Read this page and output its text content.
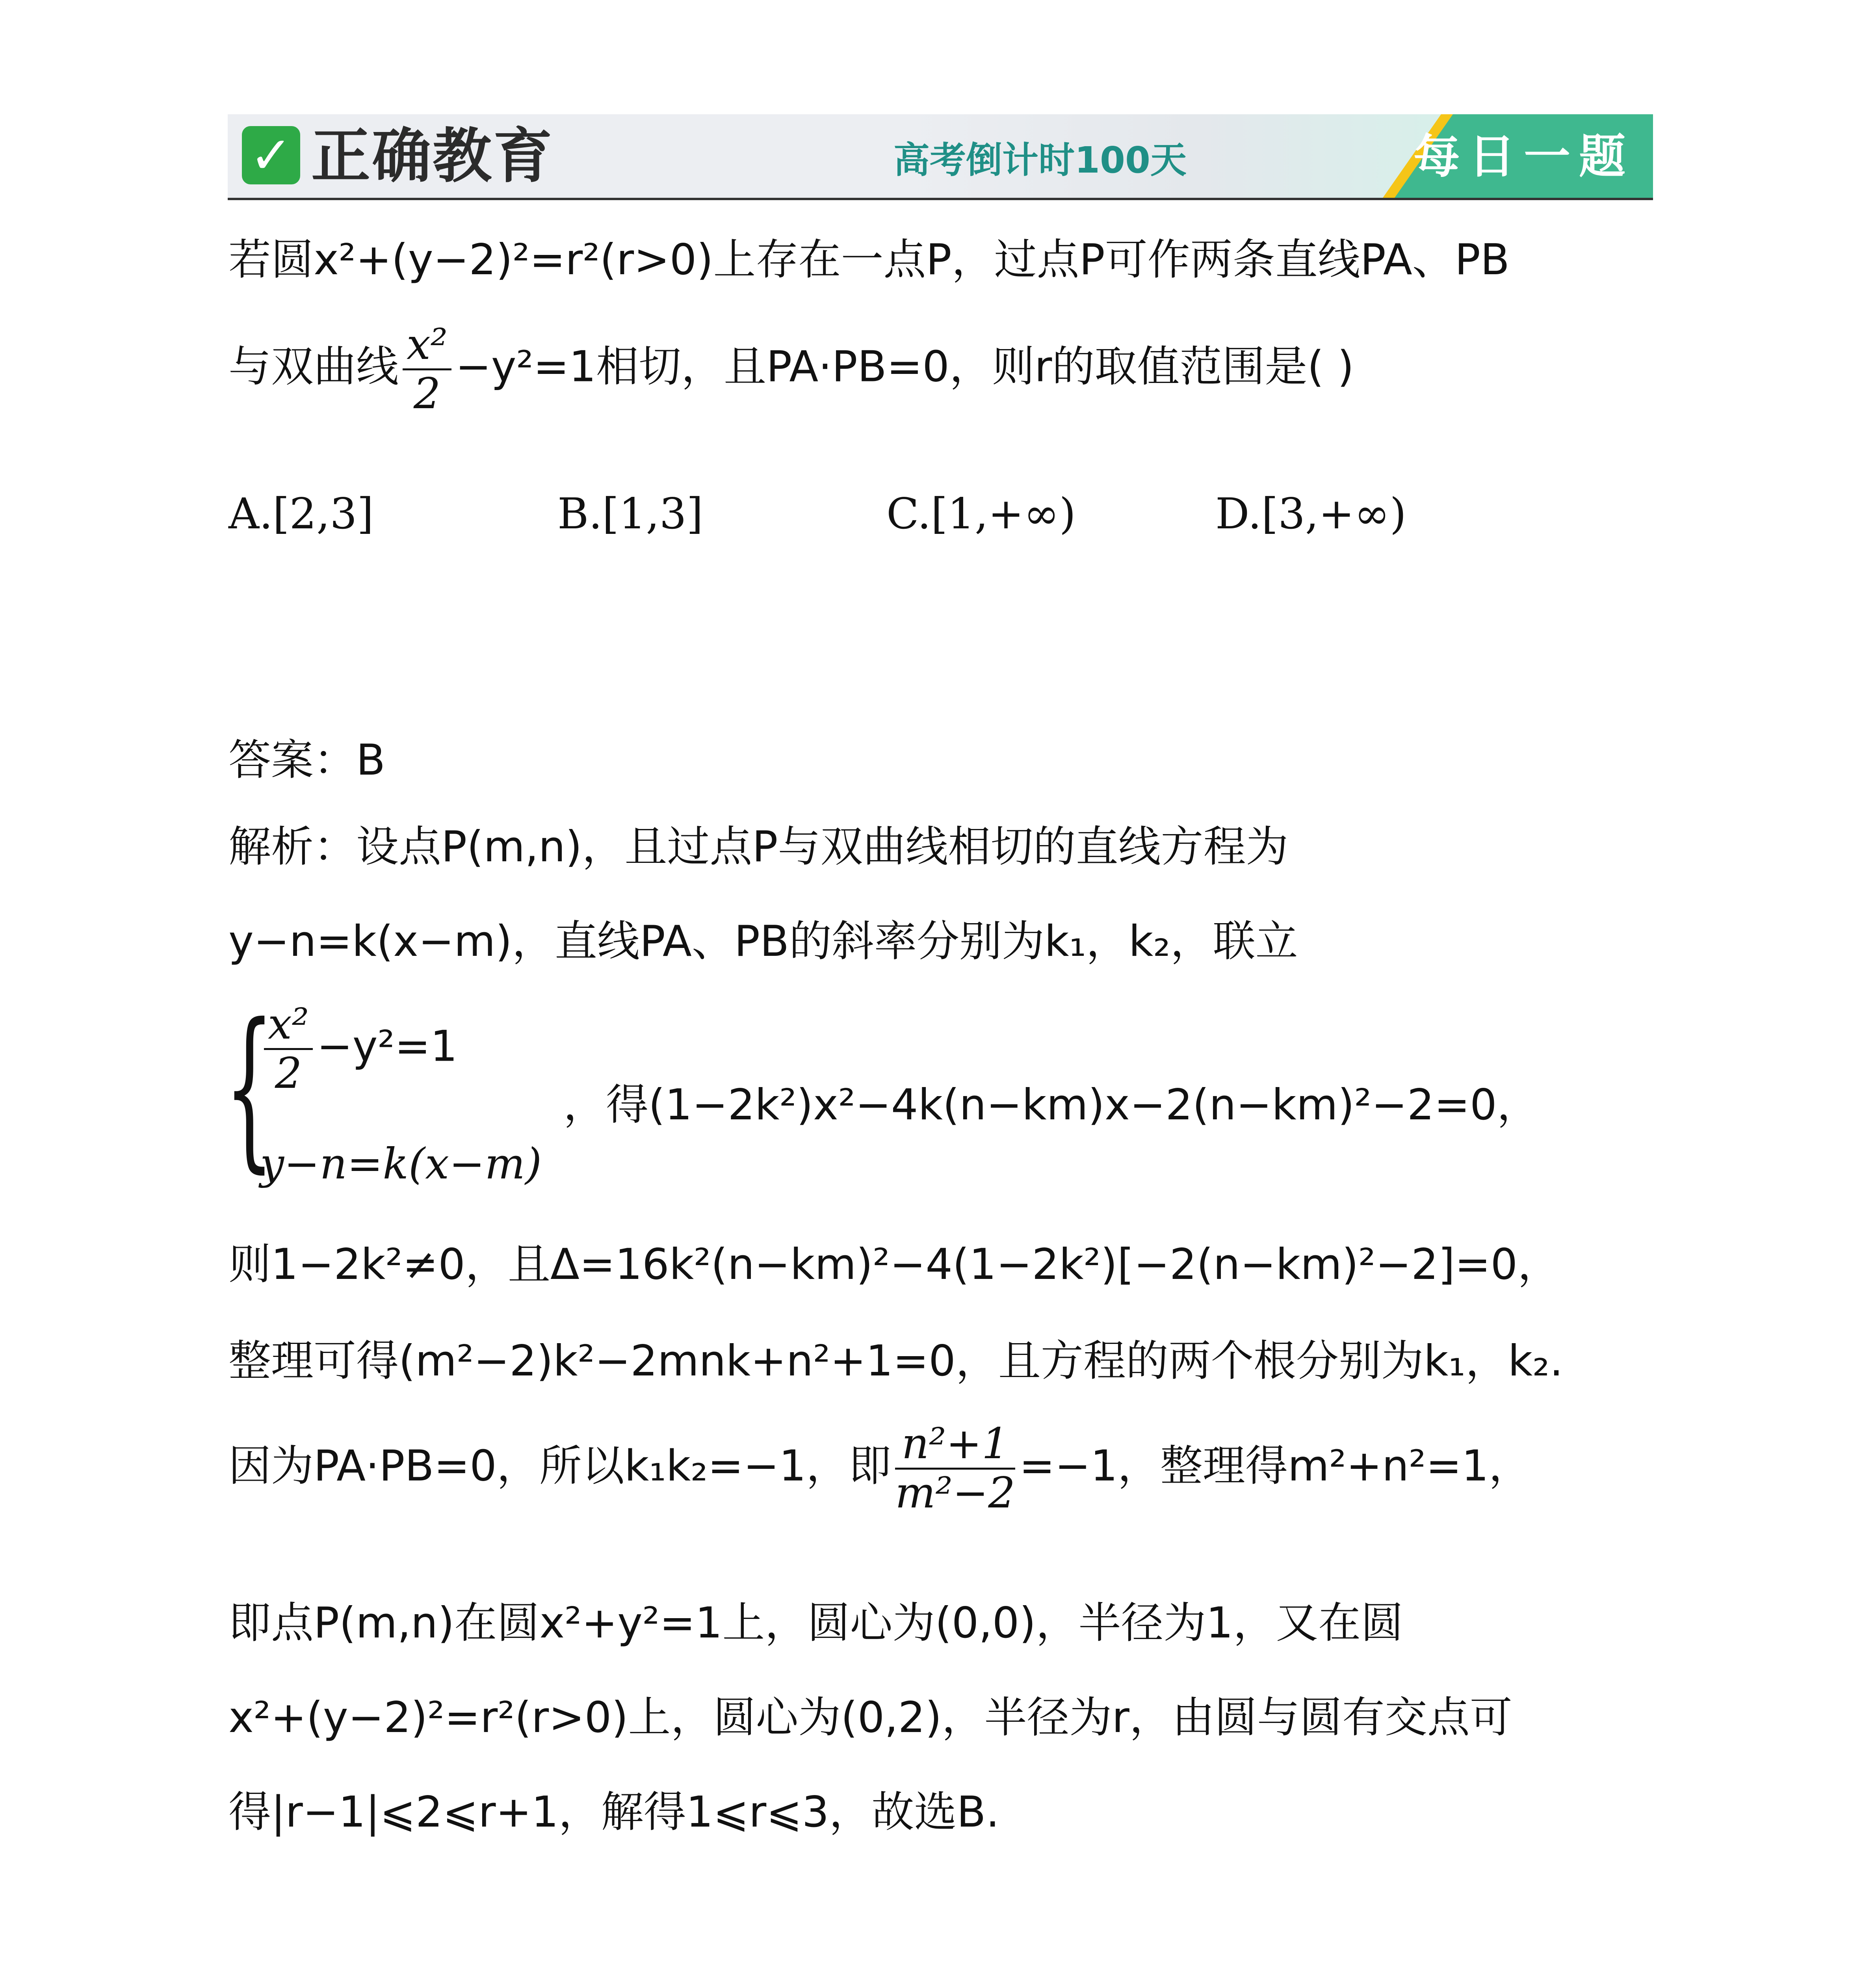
✓ 正确教育	高考倒计时100天	每日一题
若圆x²+(y−2)²=r²(r>0)上存在一点P，过点P可作两条直线PA、PB
与双曲线 $\frac{\text{x²}}{2} -y^2=1$相切，且PA·PB=0，则r的取值范围是( )
A.[2,3]	B.[1,3]	C.[1,+∞)	D.[3,+∞)
答案：B
解析：设点P(m,n)，且过点P与双曲线相切的直线方程为
y−n=k(x−m)，直线PA、PB的斜率分别为k₁，k₂，联立
{
$\frac{\text{x²}}{2} -y^2=1$
y−n=k(x−m)
，得(1−2k²)x²−4k(n−km)x−2(n−km)²−2=0，
则1−2k²≠0，且Δ=16k²(n−km)²−4(1−2k²)[−2(n−km)²−2]=0，
整理可得(m²−2)k²−2mnk+n²+1=0，且方程的两个根分别为k₁，k₂.
因为PA·PB=0，所以k₁k₂=−1，即 $\frac{\text{n²+1}}{\text{m²−2}} =-1$，整理得m²+n²=1，
即点P(m,n)在圆x²+y²=1上，圆心为(0,0)，半径为1，又在圆
x²+(y−2)²=r²(r>0)上，圆心为(0,2)，半径为r，由圆与圆有交点可
得|r−1|⩽2⩽r+1，解得1⩽r⩽3，故选B.
